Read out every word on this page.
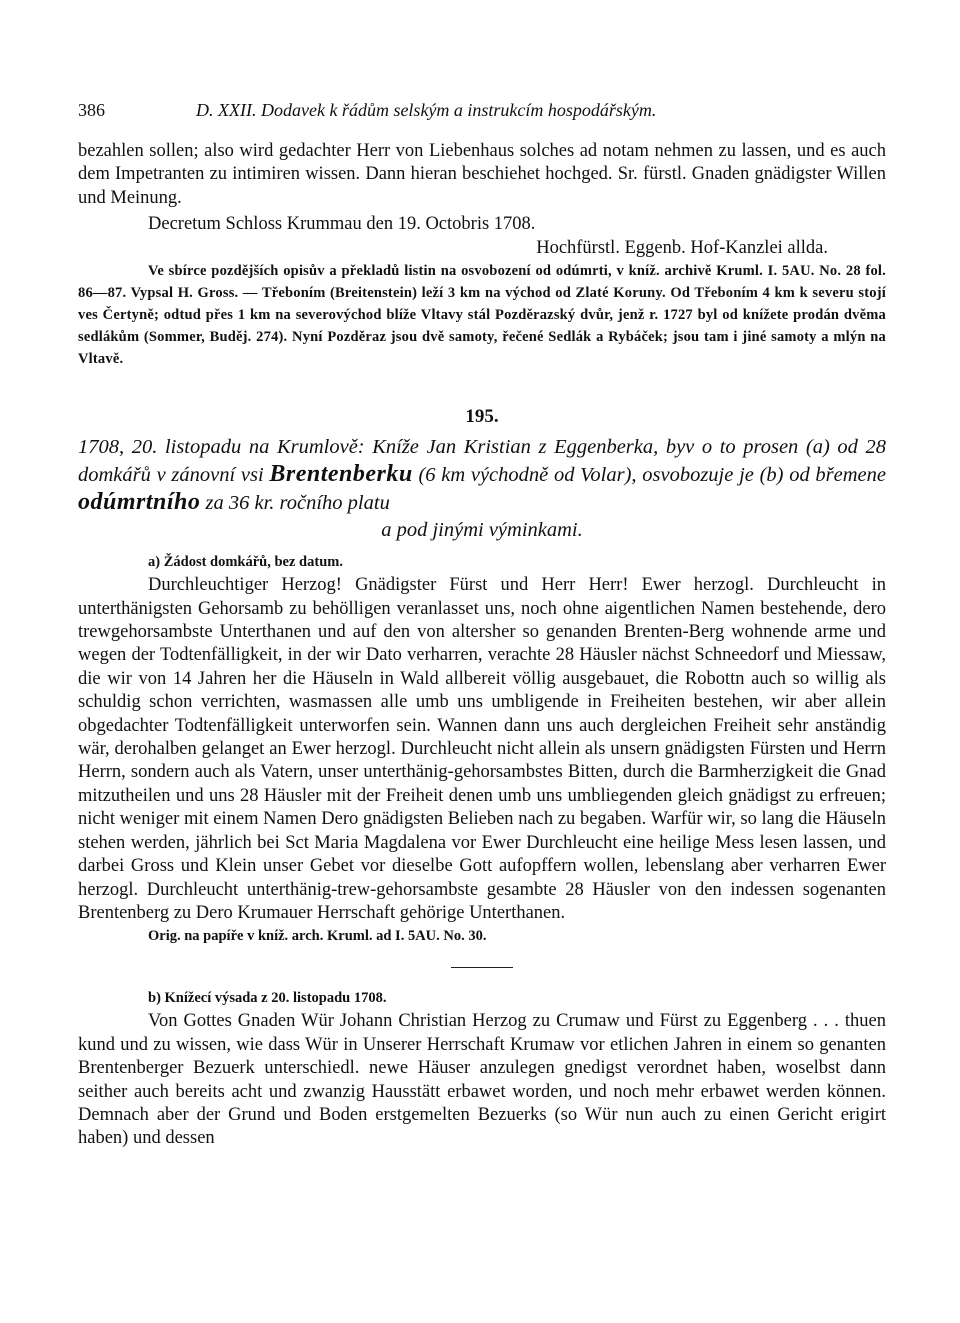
386	D. XXII. Dodavek k řádům selským a instrukcím hospodářským.

bezahlen sollen; also wird gedachter Herr von Liebenhaus solches ad notam nehmen zu lassen, und es auch dem Impetranten zu intimiren wissen. Dann hieran beschiehet hochged. Sr. fürstl. Gnaden gnädigster Willen und Meinung.

Decretum Schloss Krummau den 19. Octobris 1708.
Hochfürstl. Eggenb. Hof-Kanzlei allda.

Ve sbírce pozdějších opisův a překladů listin na osvobození od odúmrti, v kníž. archivě Kruml. I. 5AU. No. 28 fol. 86—87. Vypsal H. Gross. — Třeboním (Breitenstein) leží 3 km na východ od Zlaté Koruny. Od Třeboním 4 km k severu stojí ves Čertyně; odtud přes 1 km na severovýchod blíže Vltavy stál Pozděrazský dvůr, jenž r. 1727 byl od knížete prodán dvěma sedlákům (Sommer, Buděj. 274). Nyní Pozděraz jsou dvě samoty, řečené Sedlák a Rybáček; jsou tam i jiné samoty a mlýn na Vltavě.

195.

1708, 20. listopadu na Krumlově: Kníže Jan Kristian z Eggenberka, byv o to prosen (a) od 28 domkářů v zánovní vsi Brentenberku (6 km východně od Volar), osvobozuje je (b) od břemene odúmrtního za 36 kr. ročního platu

a pod jinými výminkami.

a) Žádost domkářů, bez datum.

Durchleuchtiger Herzog! Gnädigster Fürst und Herr Herr! Ewer herzogl. Durchleucht in unterthänigsten Gehorsamb zu behölligen veranlasset uns, noch ohne aigentlichen Namen bestehende, dero trewgehorsambste Unterthanen und auf den von altersher so genanden Brenten-Berg wohnende arme und wegen der Todtenfälligkeit, in der wir Dato verharren, verachte 28 Häusler nächst Schneedorf und Miessaw, die wir von 14 Jahren her die Häuseln in Wald allbereit völlig ausgebauet, die Robottn auch so willig als schuldig schon verrichten, wasmassen alle umb uns umbligende in Freiheiten bestehen, wir aber allein obgedachter Todtenfälligkeit unterworfen sein. Wannen dann uns auch dergleichen Freiheit sehr anständig wär, derohalben gelanget an Ewer herzogl. Durchleucht nicht allein als unsern gnädigsten Fürsten und Herrn Herrn, sondern auch als Vatern, unser unterthänig-gehorsambstes Bitten, durch die Barmherzigkeit die Gnad mitzutheilen und uns 28 Häusler mit der Freiheit denen umb uns umbliegenden gleich gnädigst zu erfreuen; nicht weniger mit einem Namen Dero gnädigsten Belieben nach zu begaben. Warfür wir, so lang die Häuseln stehen werden, jährlich bei Sct Maria Magdalena vor Ewer Durchleucht eine heilige Mess lesen lassen, und darbei Gross und Klein unser Gebet vor dieselbe Gott aufopffern wollen, lebenslang aber verharren Ewer herzogl. Durchleucht unterthänig-trew-gehorsambste gesambte 28 Häusler von den indessen sogenanten Brentenberg zu Dero Krumauer Herrschaft gehörige Unterthanen.

Orig. na papíře v kníž. arch. Kruml. ad I. 5AU. No. 30.
b) Knížecí výsada z 20. listopadu 1708.

Von Gottes Gnaden Wür Johann Christian Herzog zu Crumaw und Fürst zu Eggenberg . . . thuen kund und zu wissen, wie dass Wür in Unserer Herrschaft Krumaw vor etlichen Jahren in einem so genanten Brentenberger Bezuerk unterschiedl. newe Häuser anzulegen gnedigst verordnet haben, woselbst dann seither auch bereits acht und zwanzig Hausstätt erbawet worden, und noch mehr erbawet werden können. Demnach aber der Grund und Boden erstgemelten Bezuerks (so Wür nun auch zu einen Gericht erigirt haben) und dessen
